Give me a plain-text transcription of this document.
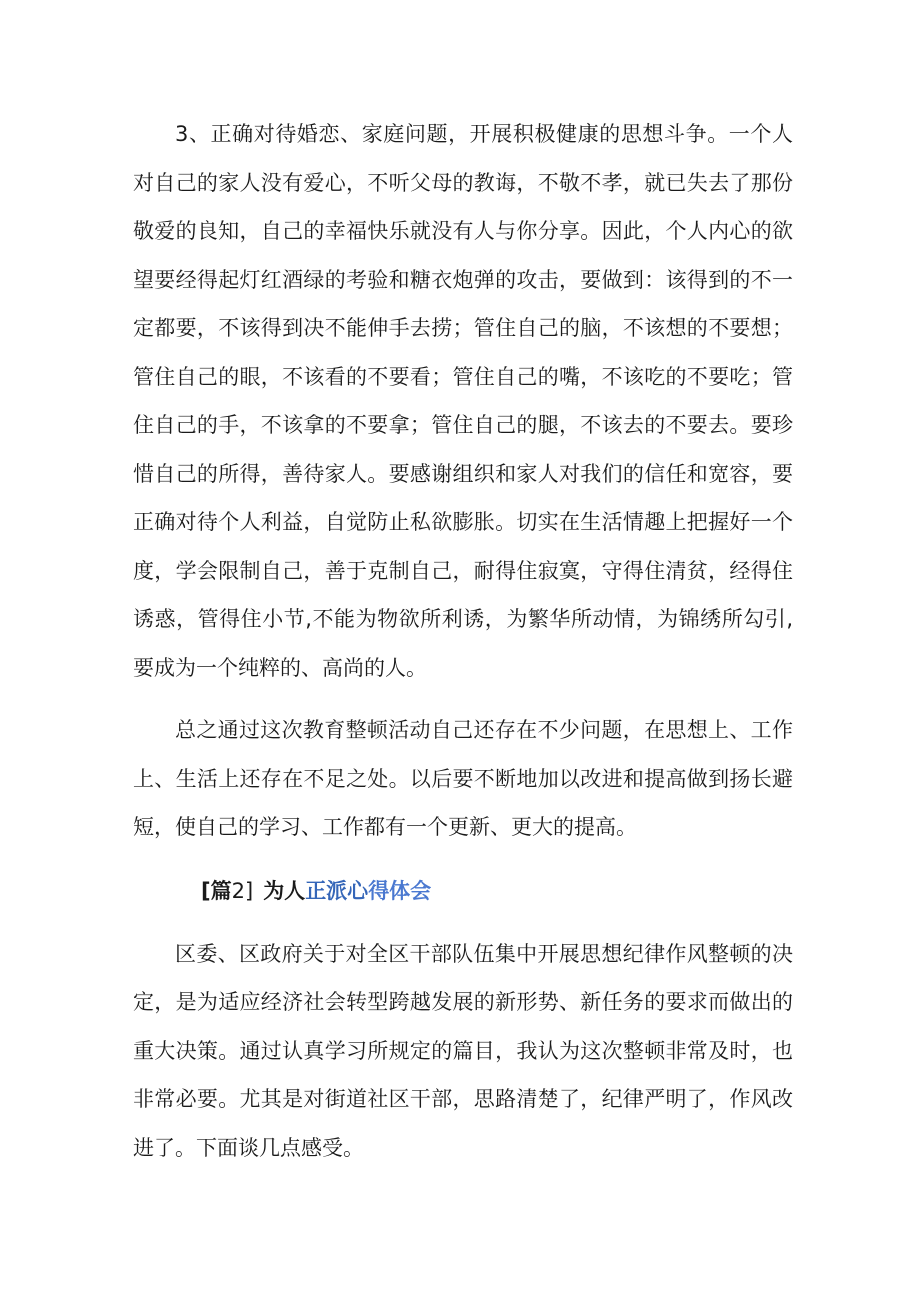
3、正确对待婚恋、家庭问题，开展积极健康的思想斗争。一个人对自己的家人没有爱心，不听父母的教诲，不敬不孝，就已失去了那份敬爱的良知，自己的幸福快乐就没有人与你分享。因此，个人内心的欲望要经得起灯红酒绿的考验和糖衣炮弹的攻击，要做到：该得到的不一定都要，不该得到决不能伸手去捞；管住自己的脑，不该想的不要想；管住自己的眼，不该看的不要看；管住自己的嘴，不该吃的不要吃；管住自己的手，不该拿的不要拿；管住自己的腿，不该去的不要去。要珍惜自己的所得，善待家人。要感谢组织和家人对我们的信任和宽容，要正确对待个人利益，自觉防止私欲膨胀。切实在生活情趣上把握好一个度，学会限制自己，善于克制自己，耐得住寂寞，守得住清贫，经得住诱惑，管得住小节,不能为物欲所利诱，为繁华所动情，为锦绣所勾引,要成为一个纯粹的、高尚的人。

总之通过这次教育整顿活动自己还存在不少问题，在思想上、工作上、生活上还存在不足之处。以后要不断地加以改进和提高做到扬长避短，使自己的学习、工作都有一个更新、更大的提高。

[篇2] 为人正派心得体会

区委、区政府关于对全区干部队伍集中开展思想纪律作风整顿的决定，是为适应经济社会转型跨越发展的新形势、新任务的要求而做出的重大决策。通过认真学习所规定的篇目，我认为这次整顿非常及时，也非常必要。尤其是对街道社区干部，思路清楚了，纪律严明了，作风改进了。下面谈几点感受。
